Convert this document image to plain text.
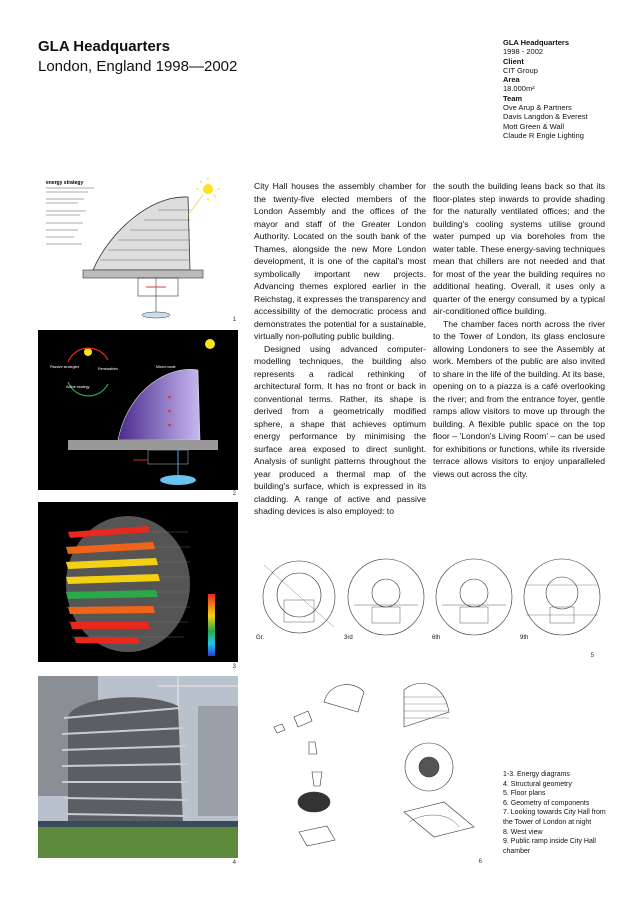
GLA Headquarters
London, England 1998—2002
GLA Headquarters
1998 - 2002
Client
CIT Group
Area
18.000m²
Team
Ove Arup & Partners
Davis Langdon & Everest
Mott Green & Wall
Claude R Engle Lighting

City Hall houses the assembly chamber for the twenty-five elected members of the London Assembly and the offices of the mayor and staff of the Greater London Authority. Located on the south bank of the Thames, alongside the new More London development, it is one of the capital's most symbolically important new projects. Advancing themes explored earlier in the Reichstag, it expresses the transparency and accessibility of the democratic process and demonstrates the potential for a sustainable, virtually non-polluting public building.

Designed using advanced computer-modelling techniques, the building also represents a radical rethinking of architectural form. It has no front or back in conventional terms. Rather, its shape is derived from a geometrically modified sphere, a shape that achieves optimum energy performance by minimising the surface area exposed to direct sunlight. Analysis of sunlight patterns throughout the year produced a thermal map of the building's surface, which is expressed in its cladding. A range of active and passive shading devices is also employed: to

the south the building leans back so that its floor-plates step inwards to provide shading for the naturally ventilated offices; and the building's cooling systems utilise ground water pumped up via boreholes from the water table. These energy-saving techniques mean that chillers are not needed and that for most of the year the building requires no additional heating. Overall, it uses only a quarter of the energy consumed by a typical air-conditioned office building.

The chamber faces north across the river to the Tower of London, its glass enclosure allowing Londoners to see the Assembly at work. Members of the public are also invited to share in the life of the building. At its base, opening on to a piazza is a café overlooking the river; and from the entrance foyer, gentle ramps allow visitors to move up through the building. A flexible public space on the top floor – 'London's Living Room' – can be used for exhibitions or functions, while its riverside terrace allows visitors to enjoy unparalleled views out across the city.

energy strategy
1
Passive strategies	Renewables
Active strategy
Mixed mode
2
3
4
Gr.	3rd	6th	9th
5
6
1-3. Energy diagrams
4. Structural geometry
5. Floor plans
6. Geometry of components
7. Looking towards City Hall from the Tower of London at night
8. West view
9. Public ramp inside City Hall chamber
